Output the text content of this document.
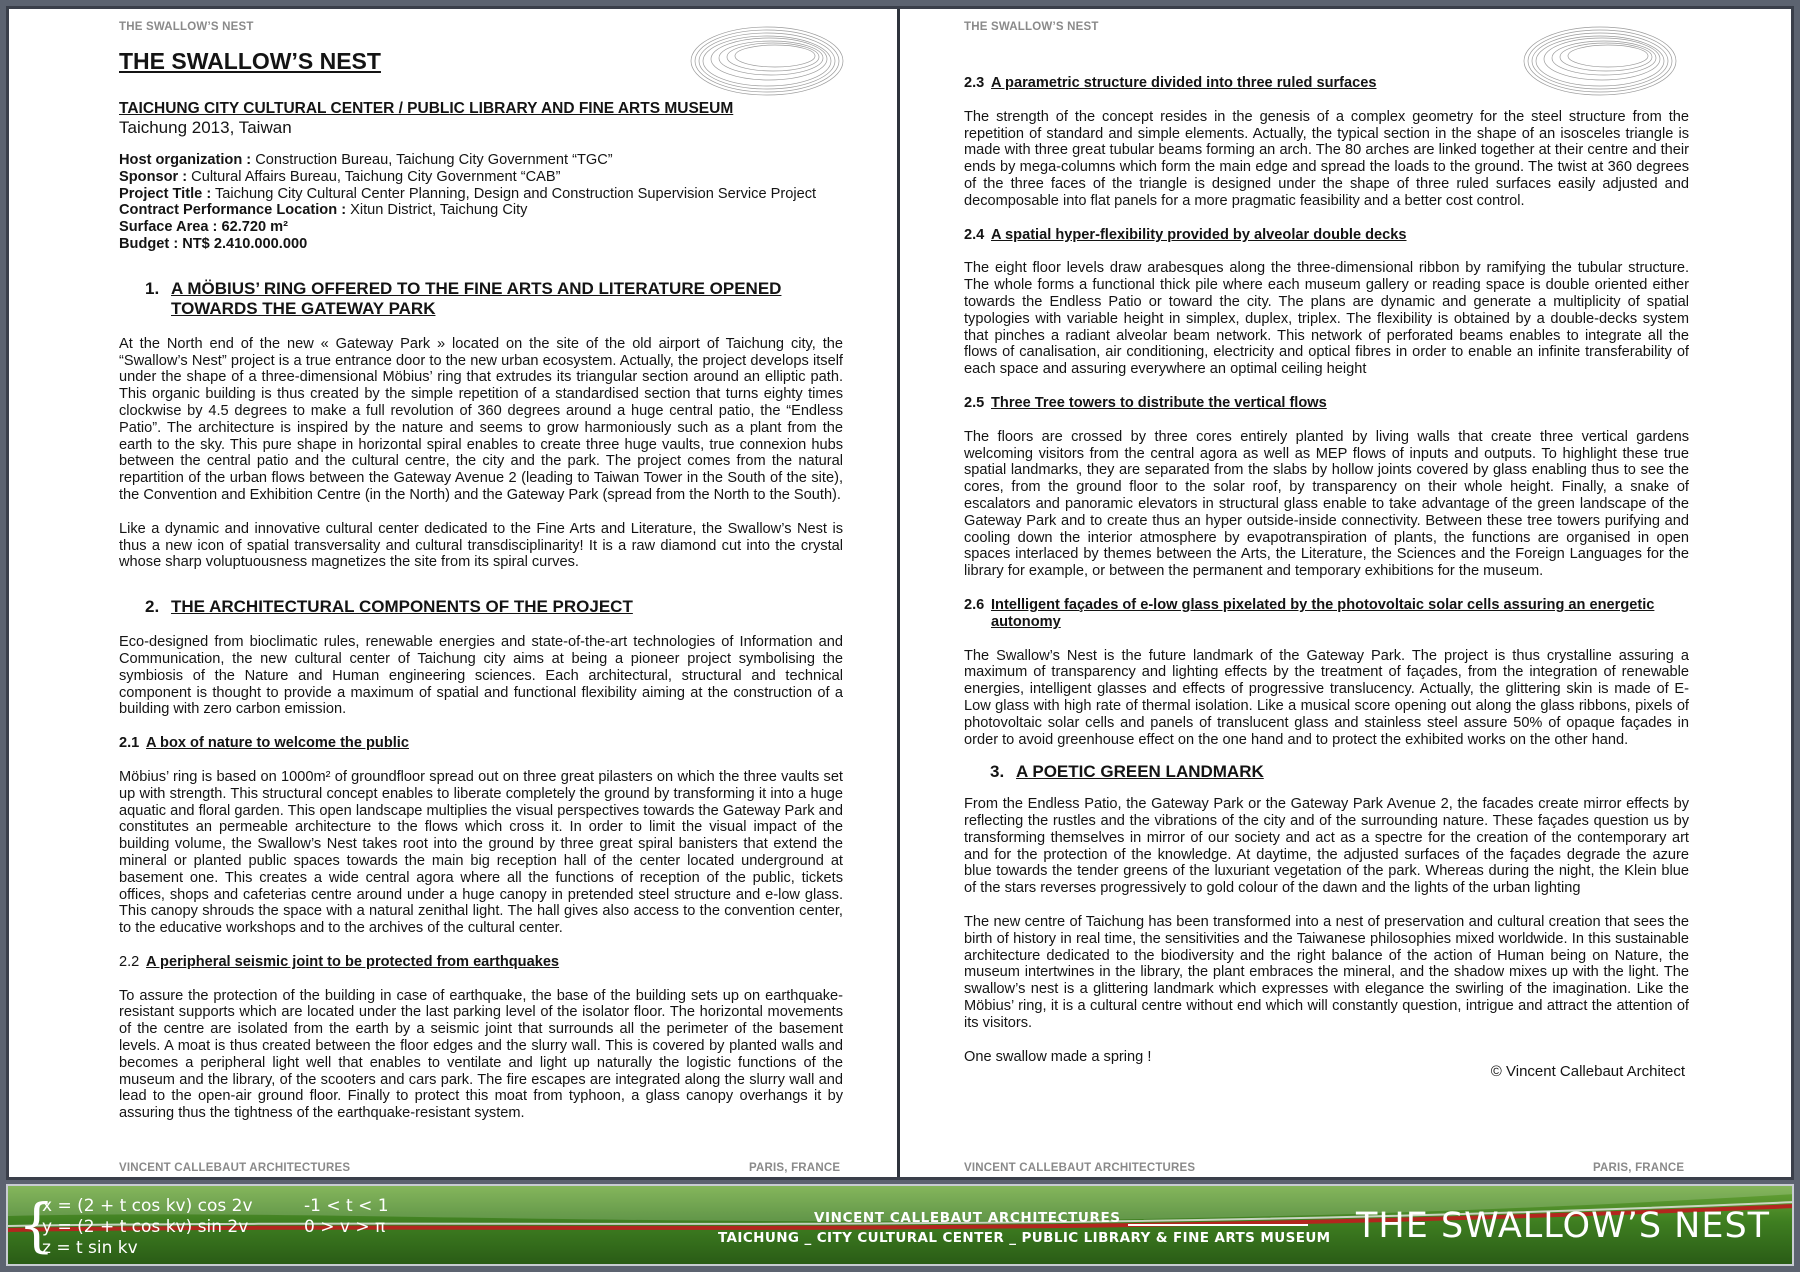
THE SWALLOW’S NEST
THE SWALLOW’S NEST
TAICHUNG CITY CULTURAL CENTER / PUBLIC LIBRARY AND FINE ARTS MUSEUM
Taichung 2013, Taiwan
Host organization : Construction Bureau, Taichung City Government “TGC”
Sponsor : Cultural Affairs Bureau, Taichung City Government “CAB”
Project Title : Taichung City Cultural Center Planning, Design and Construction Supervision Service Project
Contract Performance Location : Xitun District, Taichung City
Surface Area : 62.720 m²
Budget : NT$ 2.410.000.000
1. A MÖBIUS’ RING OFFERED TO THE FINE ARTS AND LITERATURE OPENED
TOWARDS THE GATEWAY PARK

At the North end of the new « Gateway Park » located on the site of the old airport of Taichung city, the “Swallow’s Nest” project is a true entrance door to the new urban ecosystem. Actually, the project develops itself under the shape of a three-dimensional Möbius’ ring that extrudes its triangular section around an elliptic path. This organic building is thus created by the simple repetition of a standardised section that turns eighty times clockwise by 4.5 degrees to make a full revolution of 360 degrees around a huge central patio, the “Endless Patio”. The architecture is inspired by the nature and seems to grow harmoniously such as a plant from the earth to the sky. This pure shape in horizontal spiral enables to create three huge vaults, true connexion hubs between the central patio and the cultural centre, the city and the park. The project comes from the natural repartition of the urban flows between the Gateway Avenue 2 (leading to Taiwan Tower in the South of the site), the Convention and Exhibition Centre (in the North) and the Gateway Park (spread from the North to the South).

Like a dynamic and innovative cultural center dedicated to the Fine Arts and Literature, the Swallow’s Nest is thus a new icon of spatial transversality and cultural transdisciplinarity! It is a raw diamond cut into the crystal whose sharp voluptuousness magnetizes the site from its spiral curves.

2. THE ARCHITECTURAL COMPONENTS OF THE PROJECT

Eco-designed from bioclimatic rules, renewable energies and state-of-the-art technologies of Information and Communication, the new cultural center of Taichung city aims at being a pioneer project symbolising the symbiosis of the Nature and Human engineering sciences. Each architectural, structural and technical component is thought to provide a maximum of spatial and functional flexibility aiming at the construction of a building with zero carbon emission.

2.1 A box of nature to welcome the public

Möbius’ ring is based on 1000m² of groundfloor spread out on three great pilasters on which the three vaults set up with strength. This structural concept enables to liberate completely the ground by transforming it into a huge aquatic and floral garden. This open landscape multiplies the visual perspectives towards the Gateway Park and constitutes an permeable architecture to the flows which cross it. In order to limit the visual impact of the building volume, the Swallow’s Nest takes root into the ground by three great spiral banisters that extend the mineral or planted public spaces towards the main big reception hall of the center located underground at basement one. This creates a wide central agora where all the functions of reception of the public, tickets offices, shops and cafeterias centre around under a huge canopy in pretended steel structure and e-low glass. This canopy shrouds the space with a natural zenithal light. The hall gives also access to the convention center, to the educative workshops and to the archives of the cultural center.

2.2 A peripheral seismic joint to be protected from earthquakes

To assure the protection of the building in case of earthquake, the base of the building sets up on earthquake-resistant supports which are located under the last parking level of the isolator floor. The horizontal movements of the centre are isolated from the earth by a seismic joint that surrounds all the perimeter of the basement levels. A moat is thus created between the floor edges and the slurry wall. This is covered by planted walls and becomes a peripheral light well that enables to ventilate and light up naturally the logistic functions of the museum and the library, of the scooters and cars park. The fire escapes are integrated along the slurry wall and lead to the open-air ground floor. Finally to protect this moat from typhoon, a glass canopy overhangs it by assuring thus the tightness of the earthquake-resistant system.

VINCENT CALLEBAUT ARCHITECTURES	PARIS, FRANCE
THE SWALLOW’S NEST
2.3 A parametric structure divided into three ruled surfaces

The strength of the concept resides in the genesis of a complex geometry for the steel structure from the repetition of standard and simple elements. Actually, the typical section in the shape of an isosceles triangle is made with three great tubular beams forming an arch. The 80 arches are linked together at their centre and their ends by mega-columns which form the main edge and spread the loads to the ground. The twist at 360 degrees of the three faces of the triangle is designed under the shape of three ruled surfaces easily adjusted and decomposable into flat panels for a more pragmatic feasibility and a better cost control.

2.4 A spatial hyper-flexibility provided by alveolar double decks

The eight floor levels draw arabesques along the three-dimensional ribbon by ramifying the tubular structure. The whole forms a functional thick pile where each museum gallery or reading space is double oriented either towards the Endless Patio or toward the city. The plans are dynamic and generate a multiplicity of spatial typologies with variable height in simplex, duplex, triplex. The flexibility is obtained by a double-decks system that pinches a radiant alveolar beam network. This network of perforated beams enables to integrate all the flows of canalisation, air conditioning, electricity and optical fibres in order to enable an infinite transferability of each space and assuring everywhere an optimal ceiling height

2.5 Three Tree towers to distribute the vertical flows

The floors are crossed by three cores entirely planted by living walls that create three vertical gardens welcoming visitors from the central agora as well as MEP flows of inputs and outputs. To highlight these true spatial landmarks, they are separated from the slabs by hollow joints covered by glass enabling thus to see the cores, from the ground floor to the solar roof, by transparency on their whole height. Finally, a snake of escalators and panoramic elevators in structural glass enable to take advantage of the green landscape of the Gateway Park and to create thus an hyper outside-inside connectivity. Between these tree towers purifying and cooling down the interior atmosphere by evapotranspiration of plants, the functions are organised in open spaces interlaced by themes between the Arts, the Literature, the Sciences and the Foreign Languages for the library for example, or between the permanent and temporary exhibitions for the museum.

2.6 Intelligent façades of e-low glass pixelated by the photovoltaic solar cells assuring an energetic autonomy

The Swallow’s Nest is the future landmark of the Gateway Park. The project is thus crystalline assuring a maximum of transparency and lighting effects by the treatment of façades, from the integration of renewable energies, intelligent glasses and effects of progressive translucency. Actually, the glittering skin is made of E-Low glass with high rate of thermal isolation. Like a musical score opening out along the glass ribbons, pixels of photovoltaic solar cells and panels of translucent glass and stainless steel assure 50% of opaque façades in order to avoid greenhouse effect on the one hand and to protect the exhibited works on the other hand.

3. A POETIC GREEN LANDMARK

From the Endless Patio, the Gateway Park or the Gateway Park Avenue 2, the facades create mirror effects by reflecting the rustles and the vibrations of the city and of the surrounding nature. These façades question us by transforming themselves in mirror of our society and act as a spectre for the creation of the contemporary art and for the protection of the knowledge. At daytime, the adjusted surfaces of the façades degrade the azure blue towards the tender greens of the luxuriant vegetation of the park. Whereas during the night, the Klein blue of the stars reverses progressively to gold colour of the dawn and the lights of the urban lighting

The new centre of Taichung has been transformed into a nest of preservation and cultural creation that sees the birth of history in real time, the sensitivities and the Taiwanese philosophies mixed worldwide. In this sustainable architecture dedicated to the biodiversity and the right balance of the action of Human being on Nature, the museum intertwines in the library, the plant embraces the mineral, and the shadow mixes up with the light. The swallow’s nest is a glittering landmark which expresses with elegance the swirling of the imagination. Like the Möbius’ ring, it is a cultural centre without end which will constantly question, intrigue and attract the attention of its visitors.

One swallow made a spring !

© Vincent Callebaut Architect
VINCENT CALLEBAUT ARCHITECTURES	PARIS, FRANCE
{
x = (2 + t cos kv) cos 2v	-1 < t < 1
y = (2 + t cos kv) sin 2v	0 > v > π
z = t sin kv
VINCENT CALLEBAUT ARCHITECTURES
TAICHUNG _ CITY CULTURAL CENTER _ PUBLIC LIBRARY & FINE ARTS MUSEUM THE SWALLOW’S NEST
